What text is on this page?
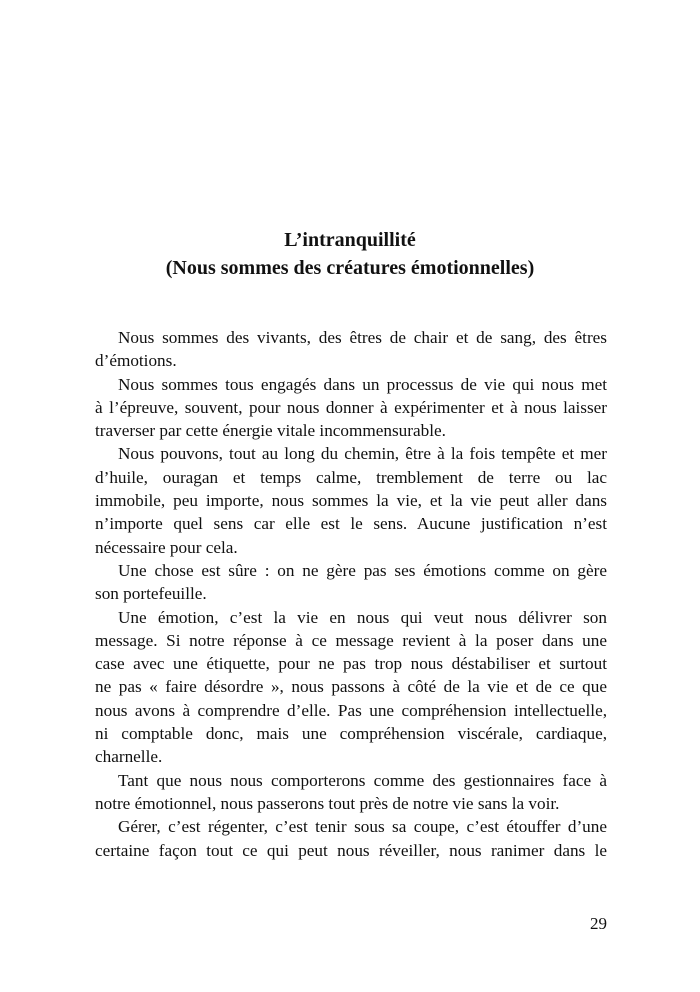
L’intranquillité
(Nous sommes des créatures émotionnelles)
Nous sommes des vivants, des êtres de chair et de sang, des êtres
d’émotions.
Nous sommes tous engagés dans un processus de vie qui nous met
à l’épreuve, souvent, pour nous donner à expérimenter et à nous laisser
traverser par cette énergie vitale incommensurable.
Nous pouvons, tout au long du chemin, être à la fois tempête et mer
d’huile, ouragan et temps calme, tremblement de terre ou lac
immobile, peu importe, nous sommes la vie, et la vie peut aller dans
n’importe quel sens car elle est le sens. Aucune justification n’est
nécessaire pour cela.
Une chose est sûre : on ne gère pas ses émotions comme on gère
son portefeuille.
Une émotion, c’est la vie en nous qui veut nous délivrer son
message. Si notre réponse à ce message revient à la poser dans une
case avec une étiquette, pour ne pas trop nous déstabiliser et surtout
ne pas « faire désordre », nous passons à côté de la vie et de ce que
nous avons à comprendre d’elle. Pas une compréhension intellectuelle,
ni comptable donc, mais une compréhension viscérale, cardiaque,
charnelle.
Tant que nous nous comporterons comme des gestionnaires face à
notre émotionnel, nous passerons tout près de notre vie sans la voir.
Gérer, c’est régenter, c’est tenir sous sa coupe, c’est étouffer d’une
certaine façon tout ce qui peut nous réveiller, nous ranimer dans le
29
